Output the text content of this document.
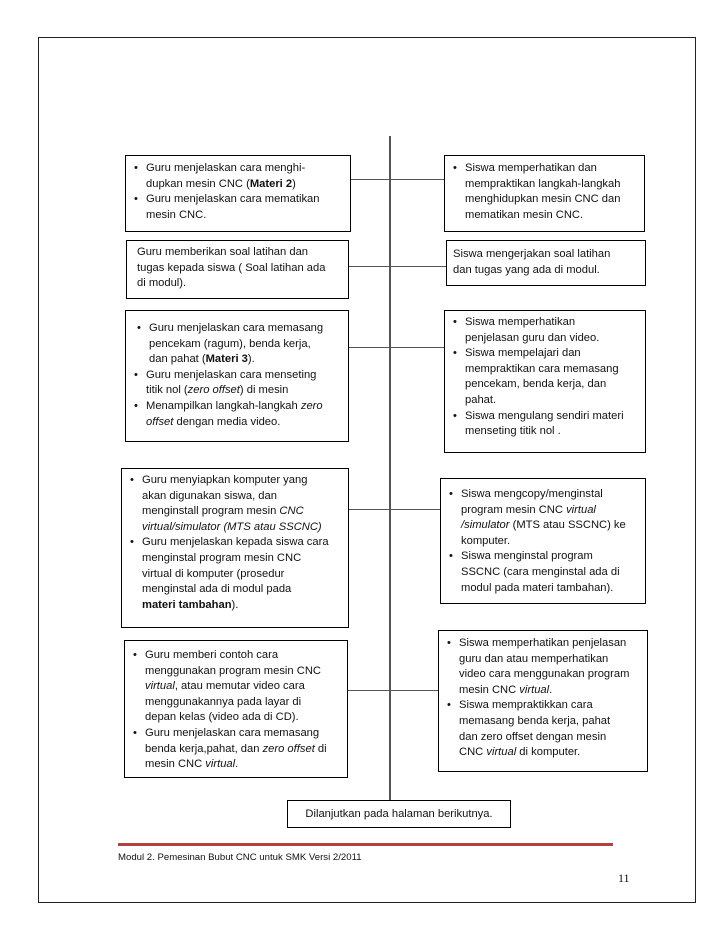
• Guru menjelaskan cara menghi-
dupkan mesin CNC (Materi 2)
• Guru menjelaskan cara mematikan
mesin CNC.
• Siswa memperhatikan dan
mempraktikan langkah-langkah
menghidupkan mesin CNC dan
mematikan mesin CNC.
Guru memberikan soal latihan dan
tugas kepada siswa ( Soal latihan ada
di modul).
Siswa mengerjakan soal latihan
dan tugas yang ada di modul.
• Guru menjelaskan cara memasang
pencekam (ragum), benda kerja,
dan pahat (Materi 3).
• Guru menjelaskan cara menseting
titik nol (zero offset) di mesin
• Menampilkan langkah-langkah zero
offset dengan media video.
• Siswa memperhatikan
penjelasan guru dan video.
• Siswa mempelajari dan
mempraktikan cara memasang
pencekam, benda kerja, dan
pahat.
• Siswa mengulang sendiri materi
menseting titik nol .
• Guru menyiapkan komputer yang
akan digunakan siswa, dan
menginstall program mesin CNC
virtual/simulator (MTS atau SSCNC)
• Guru menjelaskan kepada siswa cara
menginstal program mesin CNC
virtual di komputer (prosedur
menginstal ada di modul pada
materi tambahan).
• Siswa mengcopy/menginstal
program mesin CNC virtual
/simulator (MTS atau SSCNC) ke
komputer.
• Siswa menginstal program
SSCNC (cara menginstal ada di
modul pada materi tambahan).
• Guru memberi contoh cara
menggunakan program mesin CNC
virtual, atau memutar video cara
menggunakannya pada layar di
depan kelas (video ada di CD).
• Guru menjelaskan cara memasang
benda kerja,pahat, dan zero offset di
mesin CNC virtual.
• Siswa memperhatikan penjelasan
guru dan atau memperhatikan
video cara menggunakan program
mesin CNC virtual.
• Siswa mempraktikkan cara
memasang benda kerja, pahat
dan zero offset dengan mesin
CNC virtual di komputer.
Dilanjutkan pada halaman berikutnya.
Modul 2. Pemesinan Bubut CNC untuk SMK Versi 2/2011
11
